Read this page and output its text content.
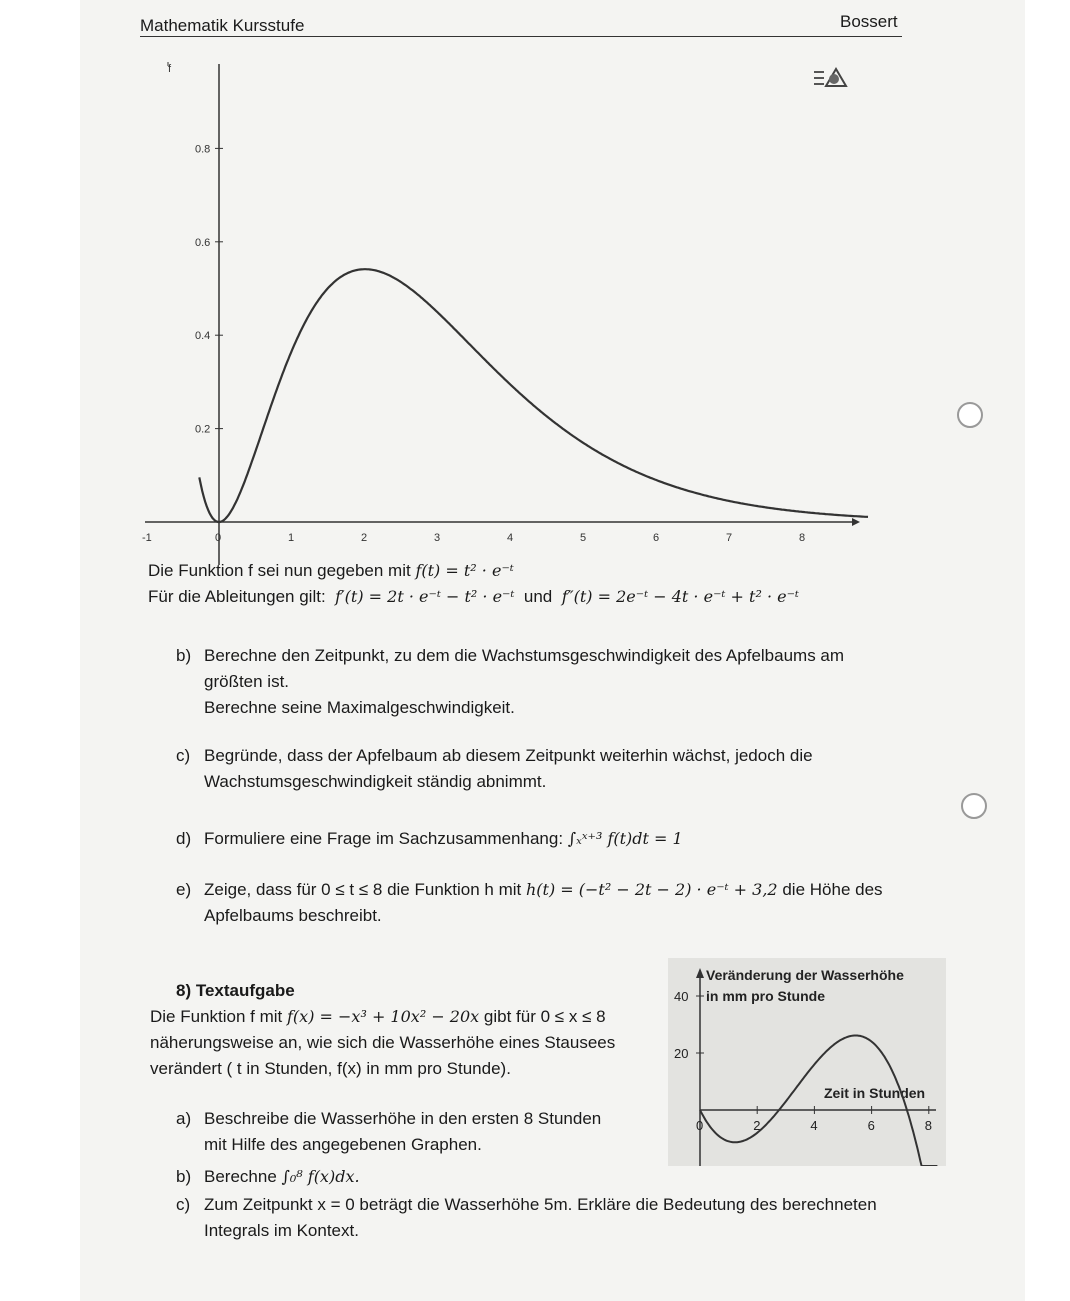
Mathematik Kursstufe	Bossert
f
-1	0	1	2	3	4	5	6	7	8
0.2
0.4
0.6
0.8

Die Funktion f sei nun gegeben mit f(t) = t² · e⁻ᵗ

Für die Ableitungen gilt: f′(t) = 2t · e⁻ᵗ − t² · e⁻ᵗ und f″(t) = 2e⁻ᵗ − 4t · e⁻ᵗ + t² · e⁻ᵗ

b) Berechne den Zeitpunkt, zu dem die Wachstumsgeschwindigkeit des Apfelbaums am
größten ist.
Berechne seine Maximalgeschwindigkeit.
c) Begründe, dass der Apfelbaum ab diesem Zeitpunkt weiterhin wächst, jedoch die
Wachstumsgeschwindigkeit ständig abnimmt.
d) Formuliere eine Frage im Sachzusammenhang: ∫ₓˣ⁺³ f(t)dt = 1
e) Zeige, dass für 0 ≤ t ≤ 8 die Funktion h mit h(t) = (−t² − 2t − 2) · e⁻ᵗ + 3,2 die Höhe des
Apfelbaums beschreibt.
8) Textaufgabe
Die Funktion f mit f(x) = −x³ + 10x² − 20x gibt für 0 ≤ x ≤ 8
näherungsweise an, wie sich die Wasserhöhe eines Stausees
verändert ( t in Stunden, f(x) in mm pro Stunde).
a) Beschreibe die Wasserhöhe in den ersten 8 Stunden
mit Hilfe des angegebenen Graphen.
b) Berechne ∫₀⁸ f(x)dx.
c) Zum Zeitpunkt x = 0 beträgt die Wasserhöhe 5m. Erkläre die Bedeutung des berechneten
Integrals im Kontext.
Veränderung der Wasserhöhe
in mm pro Stunde
Zeit in Stunden
0	2	4	6	8
20
40
